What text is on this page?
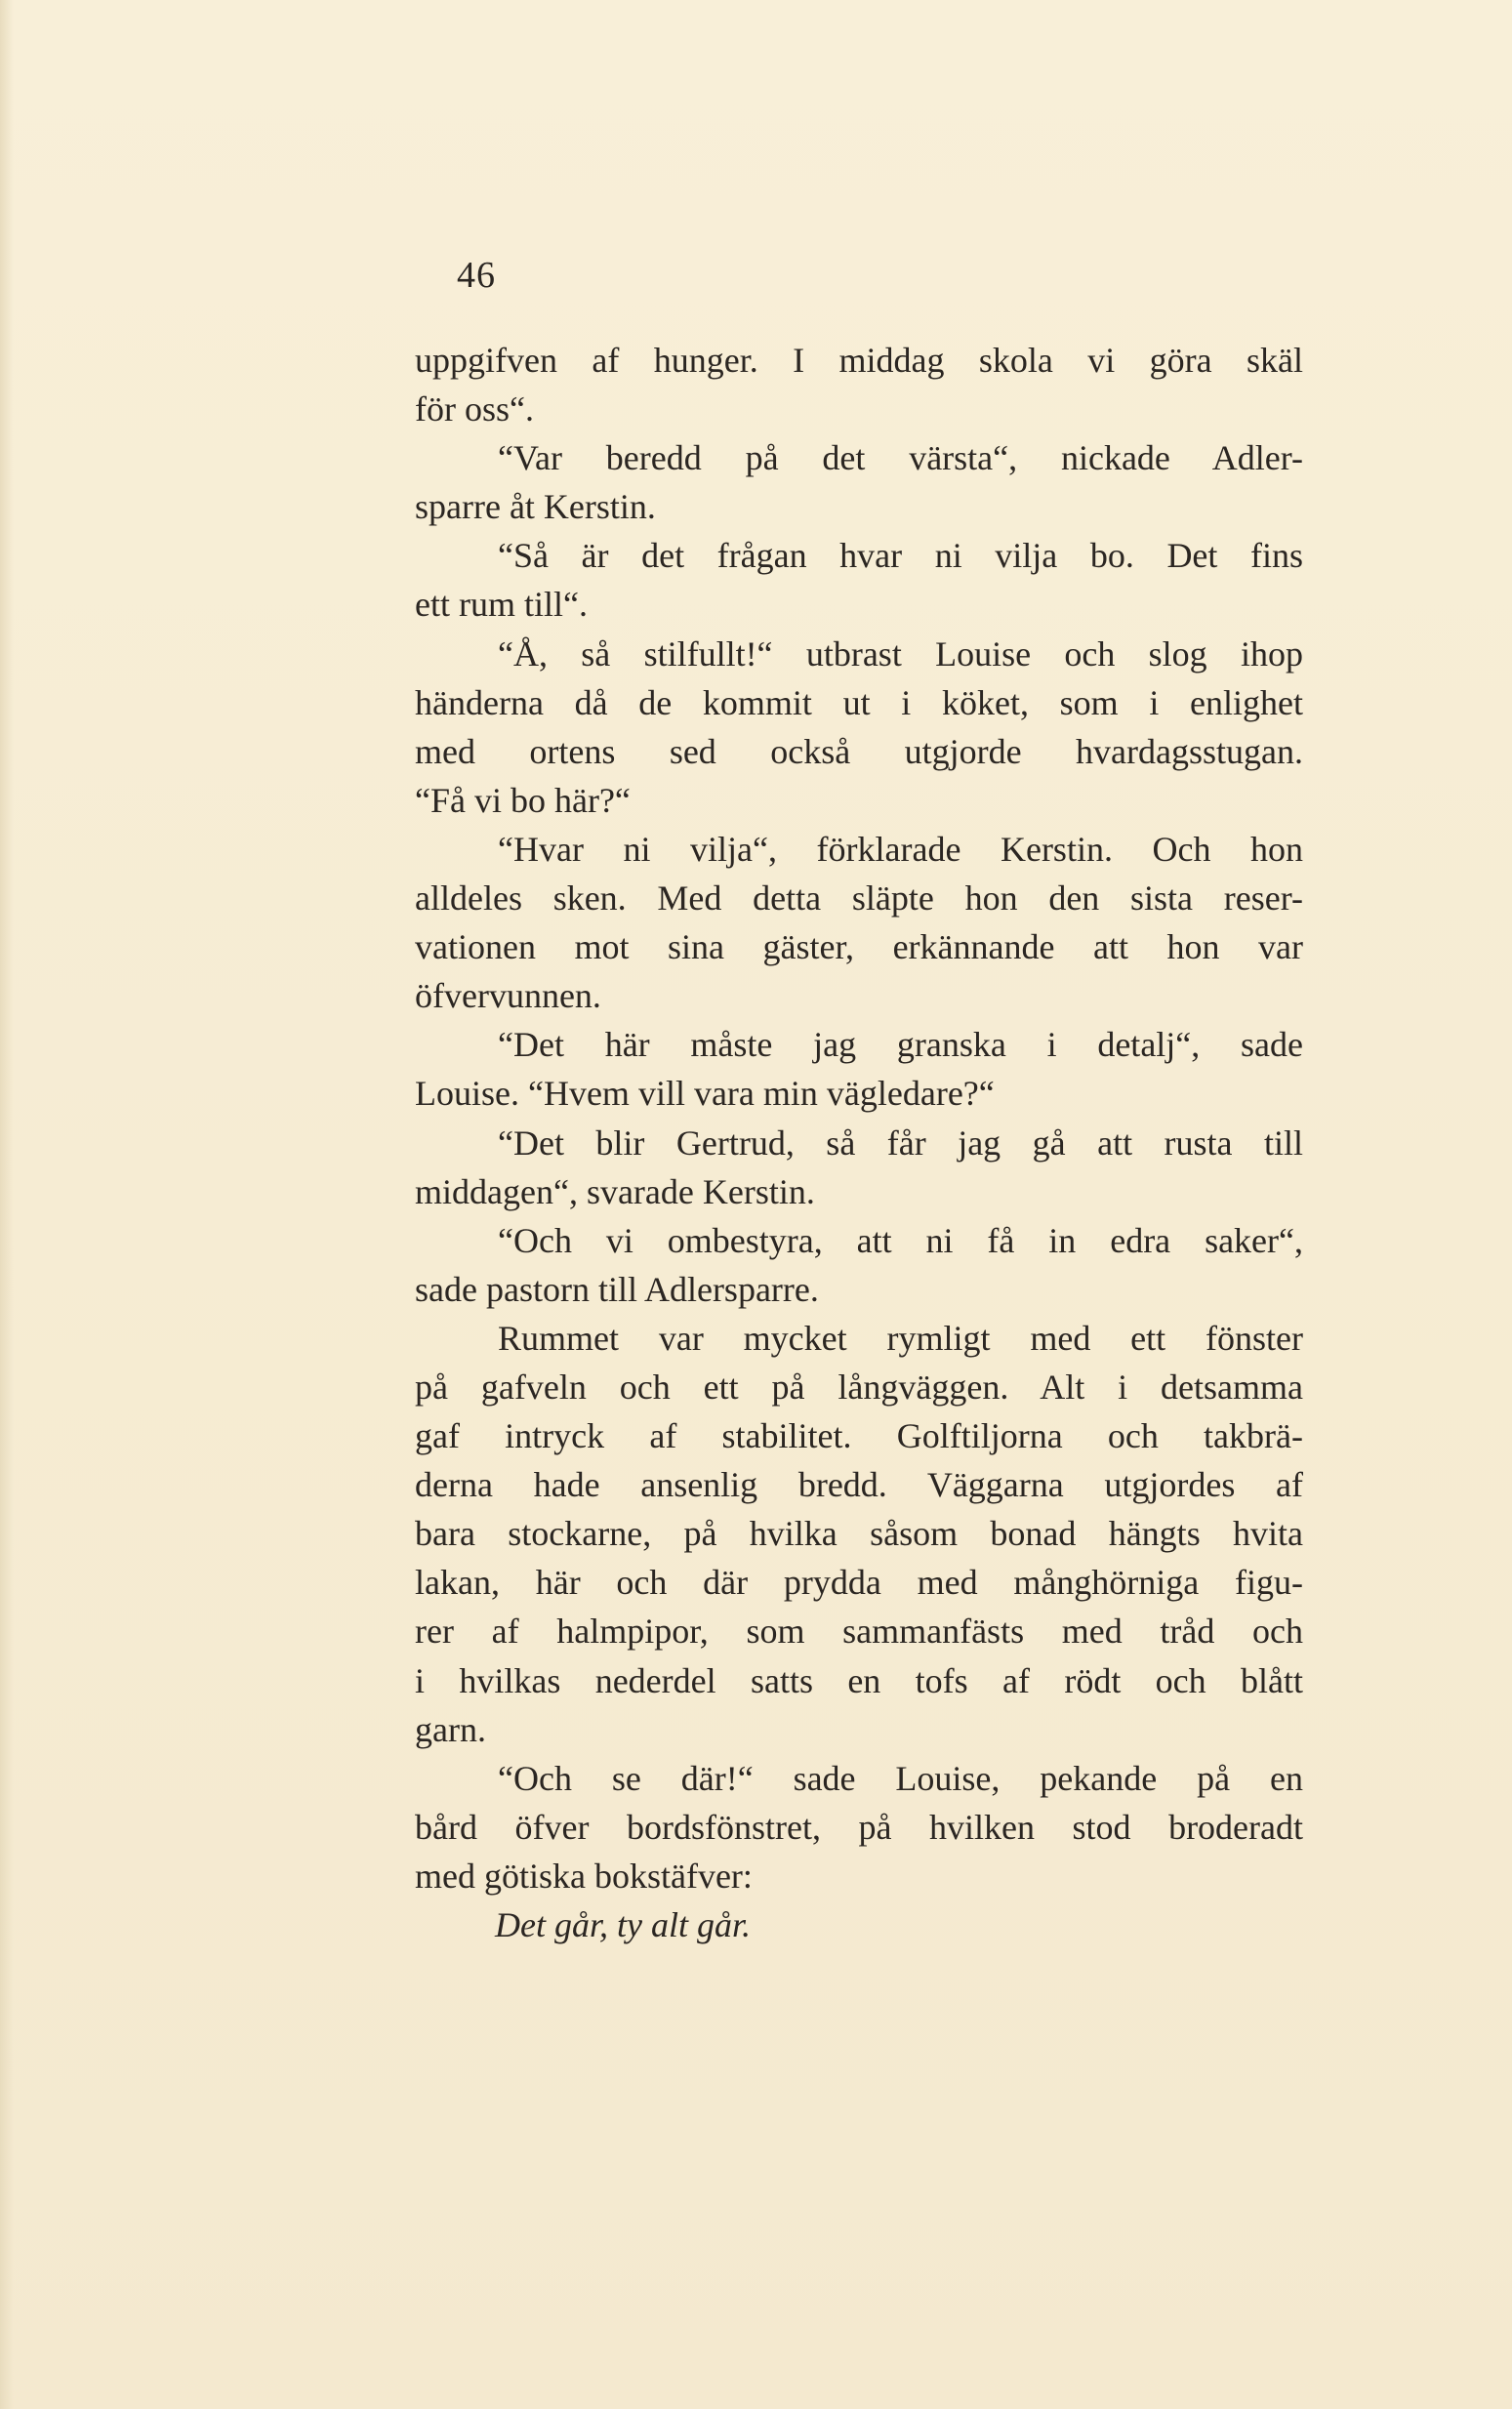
46
uppgifven af hunger. I middag skola vi göra skäl
för oss“.
“Var beredd på det värsta“, nickade Adler-
sparre åt Kerstin.
“Så är det frågan hvar ni vilja bo. Det fins
ett rum till“.
“Å, så stilfullt!“ utbrast Louise och slog ihop
händerna då de kommit ut i köket, som i enlighet
med ortens sed också utgjorde hvardagsstugan.
“Få vi bo här?“
“Hvar ni vilja“, förklarade Kerstin. Och hon
alldeles sken. Med detta släpte hon den sista reser-
vationen mot sina gäster, erkännande att hon var
öfvervunnen.
“Det här måste jag granska i detalj“, sade
Louise. “Hvem vill vara min vägledare?“
“Det blir Gertrud, så får jag gå att rusta till
middagen“, svarade Kerstin.
“Och vi ombestyra, att ni få in edra saker“,
sade pastorn till Adlersparre.
Rummet var mycket rymligt med ett fönster
på gafveln och ett på långväggen. Alt i detsamma
gaf intryck af stabilitet. Golftiljorna och takbrä-
derna hade ansenlig bredd. Väggarna utgjordes af
bara stockarne, på hvilka såsom bonad hängts hvita
lakan, här och där prydda med månghörniga figu-
rer af halmpipor, som sammanfästs med tråd och
i hvilkas nederdel satts en tofs af rödt och blått
garn.
“Och se där!“ sade Louise, pekande på en
bård öfver bordsfönstret, på hvilken stod broderadt
med götiska bokstäfver:
Det går, ty alt går.
